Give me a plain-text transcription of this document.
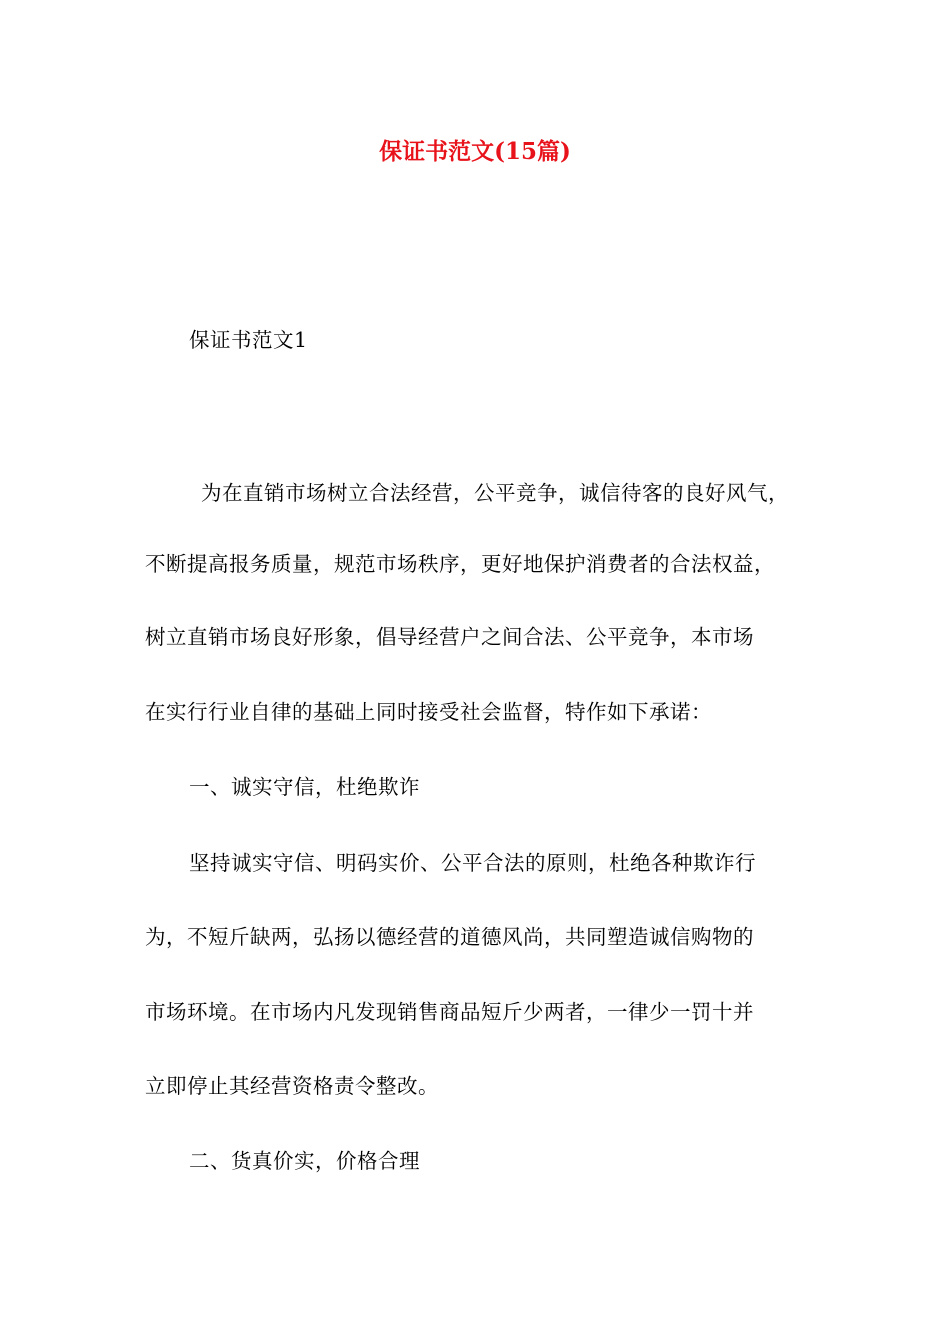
保证书范文(15篇)
保证书范文1
为在直销市场树立合法经营，公平竞争，诚信待客的良好风气，
不断提高报务质量，规范市场秩序，更好地保护消费者的合法权益，
树立直销市场良好形象，倡导经营户之间合法、公平竞争，本市场
在实行行业自律的基础上同时接受社会监督，特作如下承诺：
一、诚实守信，杜绝欺诈
坚持诚实守信、明码实价、公平合法的原则，杜绝各种欺诈行
为，不短斤缺两，弘扬以德经营的道德风尚，共同塑造诚信购物的
市场环境。在市场内凡发现销售商品短斤少两者，一律少一罚十并
立即停止其经营资格责令整改。
二、货真价实，价格合理
